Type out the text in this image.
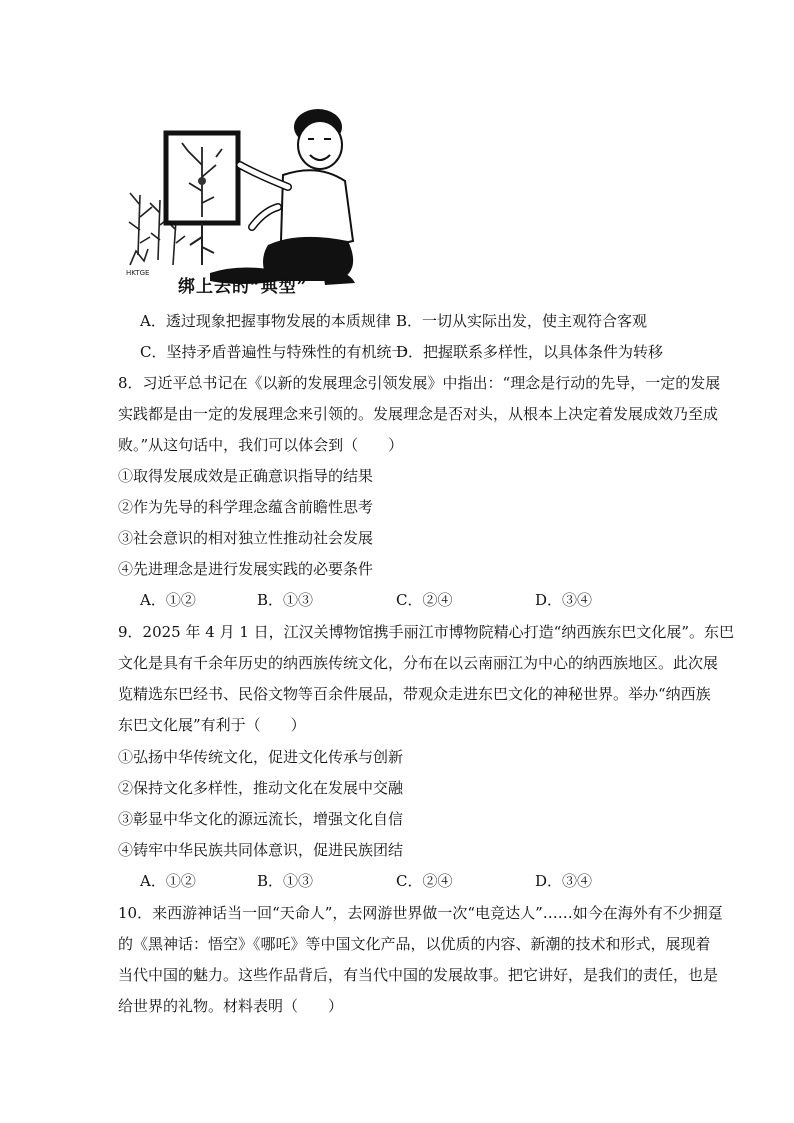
HKTGE
绑上去的“典型”
A．透过现象把握事物发展的本质规律 B．一切从实际出发，使主观符合客观
C．坚持矛盾普遍性与特殊性的有机统一
D．把握联系多样性，以具体条件为转移
8．习近平总书记在《以新的发展理念引领发展》中指出：“理念是行动的先导，一定的发展
实践都是由一定的发展理念来引领的。发展理念是否对头，从根本上决定着发展成效乃至成
败。”从这句话中，我们可以体会到（　　）
①取得发展成效是正确意识指导的结果
②作为先导的科学理念蕴含前瞻性思考
③社会意识的相对独立性推动社会发展
④先进理念是进行发展实践的必要条件
A．①②	B．①③	C．②④	D．③④
9．2025 年 4 月 1 日，江汉关博物馆携手丽江市博物院精心打造“纳西族东巴文化展”。东巴
文化是具有千余年历史的纳西族传统文化，分布在以云南丽江为中心的纳西族地区。此次展
览精选东巴经书、民俗文物等百余件展品，带观众走进东巴文化的神秘世界。举办“纳西族
东巴文化展”有利于（　　）
①弘扬中华传统文化，促进文化传承与创新
②保持文化多样性，推动文化在发展中交融
③彰显中华文化的源远流长，增强文化自信
④铸牢中华民族共同体意识，促进民族团结
A．①②	B．①③	C．②④	D．③④
10．来西游神话当一回“天命人”，去网游世界做一次“电竞达人”……如今在海外有不少拥趸
的《黑神话：悟空》《哪吒》等中国文化产品，以优质的内容、新潮的技术和形式，展现着
当代中国的魅力。这些作品背后，有当代中国的发展故事。把它讲好，是我们的责任，也是
给世界的礼物。材料表明（　　）
